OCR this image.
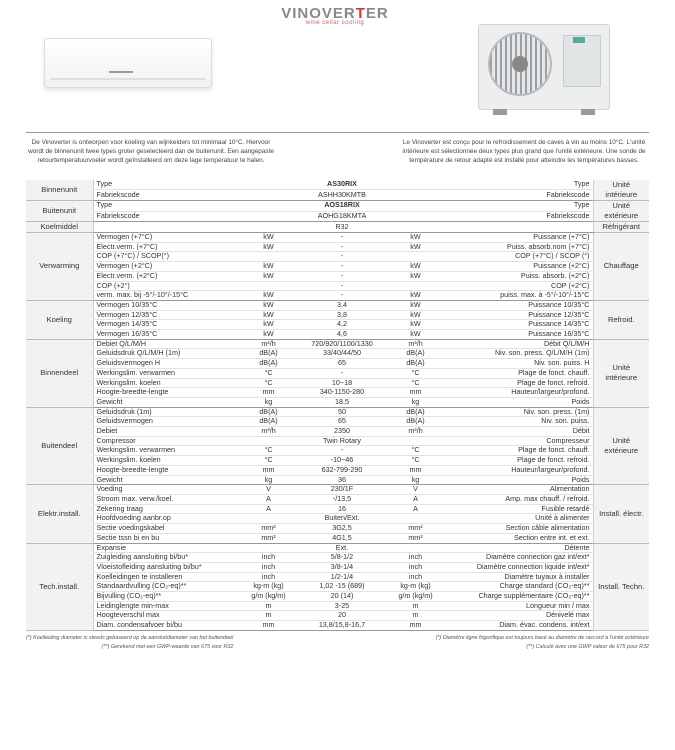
VINOVERTER
wine cellar cooling

De Vinoverter is ontworpen voor koeling van wijnkelders tot minimaal 10°C. Hiervoor wordt de binnenunit twee types groter geselecteerd dan de buitenunit. Een aangepaste retourtemperatuurvoeler wordt geïnstalleerd om deze lage temperatuur te halen.

Le Vinoverter est conçu pour le refroidissement de caves à vin au moins 10°C. L'unité intérieure est sélectionnée deux types plus grand que l'unité extérieure. Une sonde de température de retour adapté est installé pour atteindre les températures basses.

Binnenunit	Type		AS30RIX		Type	Unité intérieure
	Fabriekscode		ASHH30KMTB		Fabriekscode	
Buitenunit	Type		AOS18RIX		Type	Unité extérieure
	Fabriekscode		AOHG18KMTA		Fabriekscode	
Koelmiddel			R32			Réfrigérant
Verwarming	Vermogen (+7°C)	kW	-	kW	Puissance (+7°C)	Chauffage
	Electr.verm. (+7°C)	kW	-	kW	Puiss. absorb.nom (+7°C)	
	COP (+7°C) / SCOP(°)		-		COP (+7°C) / SCOP (°)	
	Vermogen (+2°C)	kW	-	kW	Puissance (+2°C)	
	Electr.verm. (+2°C)	kW	-	kW	Puiss. absorb. (+2°C)	
	COP (+2°)		-		COP (+2°C)	
	verm. max. bij -5°/-10°/-15°C	kW	-	kW	puiss. max. à -5°/-10°/-15°C	
Koeling	Vermogen 10/35°C	kW	3,4	kW	Puissance 10/35°C	Refroid.
	Vermogen 12/35°C	kW	3,8	kW	Puissance 12/35°C	
	Vermogen 14/35°C	kW	4,2	kW	Puissance 14/35°C	
	Vermogen 16/35°C	kW	4,6	kW	Puissance 16/35°C	
Binnendeel	Debiet Q/L/M/H	m³/h	720/920/1100/1330	m³/h	Débit Q/L/M/H	Unité intérieure
	Geluidsdruk Q/L/M/H (1m)	dB(A)	33/40/44/50	dB(A)	Niv. son. press. Q/L/M/H (1m)	
	Geluidsvermogen H	dB(A)	65	dB(A)	Niv. son. puiss. H	
	Werkingslim. verwarmen	°C	-	°C	Plage de fonct. chauff.	
	Werkingslim. koelen	°C	10~18	°C	Plage de fonct. refroid.	
	Hoogte-breedte-lengte	mm	340-1150-280	mm	Hauteur/largeur/profond.	
	Gewicht	kg	18,5	kg	Poids	
Buitendeel	Geluidsdruk (1m)	dB(A)	50	dB(A)	Niv. son. press. (1m)	Unité extérieure
	Geluidsvermogen	dB(A)	65	dB(A)	Niv. son. puiss.	
	Debiet	m³/h	2350	m³/h	Débit	
	Compressor		Twin Rotary		Compresseur	
	Werkingslim. verwarmen	°C	-	°C	Plage de fonct. chauff.	
	Werkingslim. koelen	°C	-10~46	°C	Plage de fonct. refroid.	
	Hoogte-breedte-lengte	mm	632-799-290	mm	Hauteur/largeur/profond.	
	Gewicht	kg	36	kg	Poids	
Elektr.install.	Voeding	V	230/1F	V	Alimentation	Install. électr.
	Stroom max. verw./koel.	A	-/13,5	A	Amp. max chauff. / refroid.	
	Zekering traag	A	16	A	Fusible retardé	
	Hoofdvoeding aanbr.op		Buiten/Ext.		Unité à alimenter	
	Sectie voedingskabel	mm²	3G2,5	mm²	Section câble alimentation	
	Sectie tssn bi en bu	mm²	4G1,5	mm²	Section entre int. et ext.	
Tech.install.	Expansie		Ext.		Détente	Install. Techn.
	Zuigleiding aansluiting bi/bu*	inch	5/8-1/2	inch	Diamètre connection gaz int/ext*	
	Vloeistofleiding aansluiting bi/bu*	inch	3/8-1/4	inch	Diamètre connection liquide int/ext*	
	Koelleidingen te installeren	inch	1/2-1/4	inch	Diamètre tuyaux à installer	
	Standaardvulling (CO₂-eq)**	kg-m (kg)	1,02 -15 (689)	kg-m (kg)	Charge standard (CO₂-eq)**	
	Bijvulling (CO₂-eq)**	g/m (kg/m)	20 (14)	g/m (kg/m)	Charge supplémentaire (CO₂-eq)**	
	Leidinglengte min-max	m	3-25	m	Longueur min / max	
	Hoogteverschil max	m	20	m	Dénivelé max	
	Diam. condensafvoer bi/bu	mm	13,8/15,8-16,7	mm	Diam. évac. condens. int/ext	
(*) Koelleiding diameter is steeds gebaseerd op de aansluitdiameter van het buitendeel
(**) Gerekend met een GWP-waarde van 675 voor R32
(*) Diamètre ligne frigorifique est toujours basé au diamètre de raccord à l'unité extérieure
(**) Calculé avec une GWP valeur de 675 pour R32
